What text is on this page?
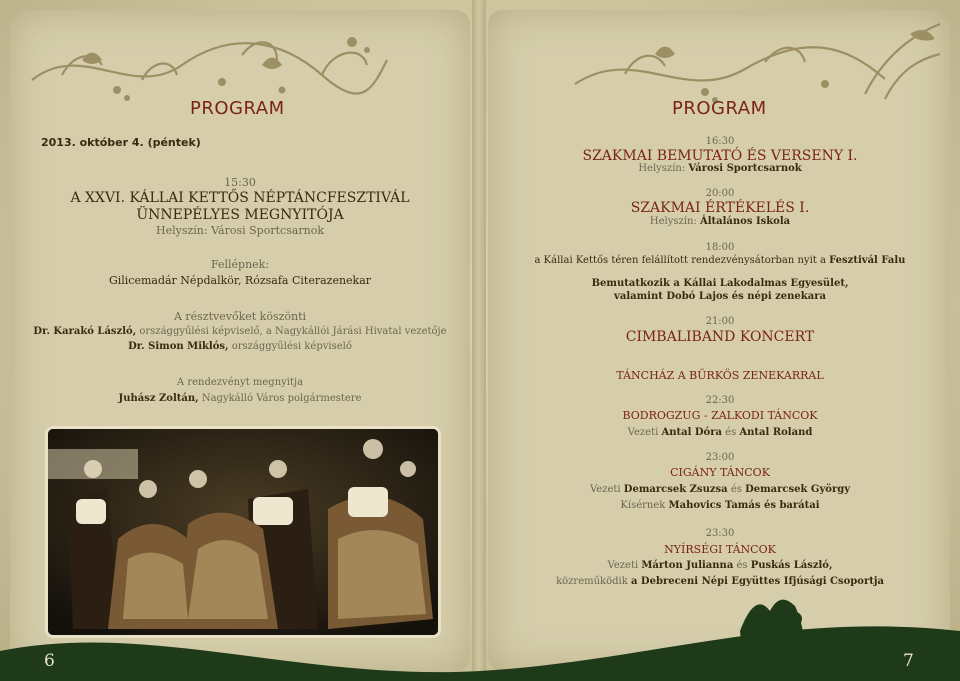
PROGRAM
2013. október 4. (péntek)
15:30
A XXVI. KÁLLAI KETTŐS NÉPTÁNCFESZTIVÁL
ÜNNEPÉLYES MEGNYITÓJA
Helyszín: Városi Sportcsarnok
Fellépnek:
Gilicemadár Népdalkör, Rózsafa Citerazenekar
A résztvevőket köszönti
Dr. Karakó László, országgyűlési képviselő, a Nagykállói Járási Hivatal vezetője
Dr. Simon Miklós, országgyűlési képviselő
A rendezvényt megnyitja
Juhász Zoltán, Nagykálló Város polgármestere
PROGRAM
16:30
SZAKMAI BEMUTATÓ ÉS VERSENY I.
Helyszín: Városi Sportcsarnok
20:00
SZAKMAI ÉRTÉKELÉS I.
Helyszín: Általános Iskola
18:00
a Kállai Kettős téren felállított rendezvénysátorban nyit a Fesztivál Falu
Bemutatkozik a Kállai Lakodalmas Egyesület,
valamint Dobó Lajos és népi zenekara
21:00
CIMBALIBAND KONCERT
TÁNCHÁZ A BÜRKÖS ZENEKARRAL
22:30
BODROGZUG - ZALKODI TÁNCOK
Vezeti Antal Dóra és Antal Roland
23:00
CIGÁNY TÁNCOK
Vezeti Demarcsek Zsuzsa és Demarcsek György
Kísérnek Mahovics Tamás és barátai
23:30
NYÍRSÉGI TÁNCOK
Vezeti Márton Julianna és Puskás László,
közreműködik a Debreceni Népi Együttes Ifjúsági Csoportja
6	7
